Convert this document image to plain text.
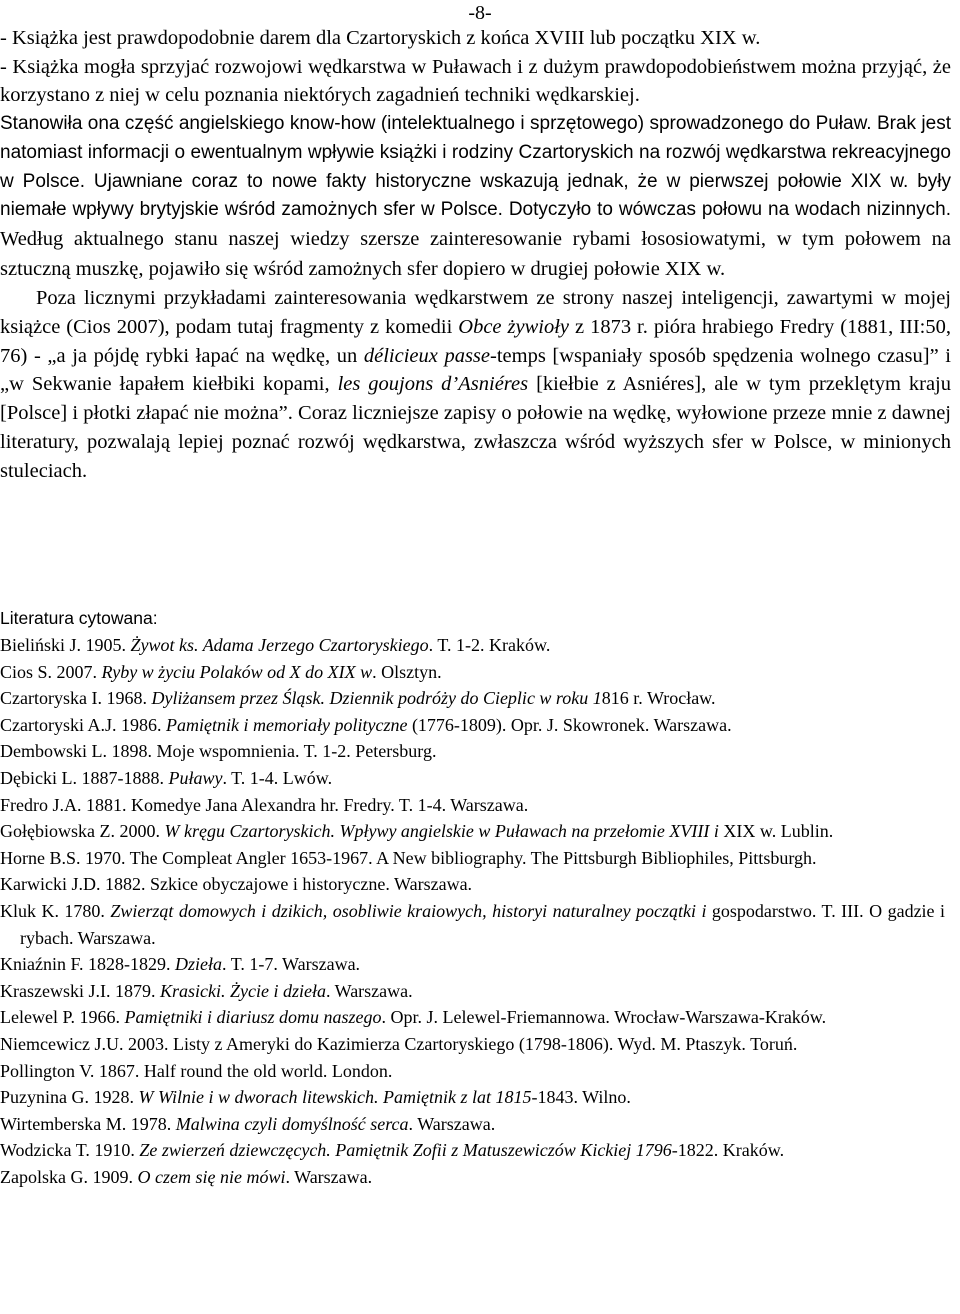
-8-

- Książka jest prawdopodobnie darem dla Czartoryskich z końca XVIII lub początku XIX w.

- Książka mogła sprzyjać rozwojowi wędkarstwa w Puławach i z dużym prawdopodobieństwem można przyjąć, że korzystano z niej w celu poznania niektórych zagadnień techniki wędkarskiej.

Stanowiła ona część angielskiego know-how (intelektualnego i sprzętowego) sprowadzonego do Puław. Brak jest natomiast informacji o ewentualnym wpływie książki i rodziny Czartoryskich na rozwój wędkarstwa rekreacyjnego w Polsce. Ujawniane coraz to nowe fakty historyczne wskazują jednak, że w pierwszej połowie XIX w. były niemałe wpływy brytyjskie wśród zamożnych sfer w Polsce. Dotyczyło to wówczas połowu na wodach nizinnych. Według aktualnego stanu naszej wiedzy szersze zainteresowanie rybami łososiowatymi, w tym połowem na sztuczną muszkę, pojawiło się wśród zamożnych sfer dopiero w drugiej połowie XIX w.

Poza licznymi przykładami zainteresowania wędkarstwem ze strony naszej inteligencji, zawartymi w mojej książce (Cios 2007), podam tutaj fragmenty z komedii Obce żywioły z 1873 r. pióra hrabiego Fredry (1881, III:50, 76) - „a ja pójdę rybki łapać na wędkę, un délicieux passe-temps [wspaniały sposób spędzenia wolnego czasu]” i „w Sekwanie łapałem kiełbiki kopami, les goujons d’Asniéres [kiełbie z Asniéres], ale w tym przeklętym kraju [Polsce] i płotki złapać nie można”. Coraz liczniejsze zapisy o połowie na wędkę, wyłowione przeze mnie z dawnej literatury, pozwalają lepiej poznać rozwój wędkarstwa, zwłaszcza wśród wyższych sfer w Polsce, w minionych stuleciach.

Literatura cytowana:
Bieliński J. 1905. Żywot ks. Adama Jerzego Czartoryskiego. T. 1-2. Kraków.
Cios S. 2007. Ryby w życiu Polaków od X do XIX w. Olsztyn.
Czartoryska I. 1968. Dyliżansem przez Śląsk. Dziennik podróży do Cieplic w roku 1816 r. Wrocław.
Czartoryski A.J. 1986. Pamiętnik i memoriały polityczne (1776-1809). Opr. J. Skowronek. Warszawa.
Dembowski L. 1898. Moje wspomnienia. T. 1-2. Petersburg.
Dębicki L. 1887-1888. Puławy. T. 1-4. Lwów.
Fredro J.A. 1881. Komedye Jana Alexandra hr. Fredry. T. 1-4. Warszawa.
Gołębiowska Z. 2000. W kręgu Czartoryskich. Wpływy angielskie w Puławach na przełomie XVIII i XIX w. Lublin.
Horne B.S. 1970. The Compleat Angler 1653-1967. A New bibliography. The Pittsburgh Bibliophiles, Pittsburgh.
Karwicki J.D. 1882. Szkice obyczajowe i historyczne. Warszawa.
Kluk K. 1780. Zwierząt domowych i dzikich, osobliwie kraiowych, historyi naturalney początki i gospodarstwo. T. III. O gadzie i rybach. Warszawa.
Kniaźnin F. 1828-1829. Dzieła. T. 1-7. Warszawa.
Kraszewski J.I. 1879. Krasicki. Życie i dzieła. Warszawa.
Lelewel P. 1966. Pamiętniki i diariusz domu naszego. Opr. J. Lelewel-Friemannowa. Wrocław-Warszawa-Kraków.
Niemcewicz J.U. 2003. Listy z Ameryki do Kazimierza Czartoryskiego (1798-1806). Wyd. M. Ptaszyk. Toruń.
Pollington V. 1867. Half round the old world. London.
Puzynina G. 1928. W Wilnie i w dworach litewskich. Pamiętnik z lat 1815-1843. Wilno.
Wirtemberska M. 1978. Malwina czyli domyślność serca. Warszawa.
Wodzicka T. 1910. Ze zwierzeń dziewczęcych. Pamiętnik Zofii z Matuszewiczów Kickiej 1796-1822. Kraków.
Zapolska G. 1909. O czem się nie mówi. Warszawa.
